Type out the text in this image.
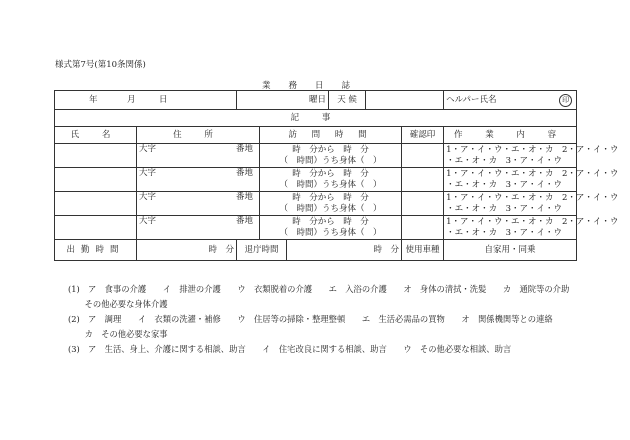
様式第7号(第10条関係)
業務日誌
年 月 日		曜日			天 候			ヘルパー氏名 印

記 事								
氏 名	住 所		訪 問 時 間				確認印	作 業 内 容

	大字 番地		時　分から　時　分
（　時間）うち身体（　）					1・ア・イ・ウ・エ・オ・カ　2・ア・イ・ウ
・エ・オ・カ　3・ア・イ・ウ

	大字 番地		時　分から　時　分
（　時間）うち身体（　）					1・ア・イ・ウ・エ・オ・カ　2・ア・イ・ウ
・エ・オ・カ　3・ア・イ・ウ

	大字 番地		時　分から　時　分
（　時間）うち身体（　）					1・ア・イ・ウ・エ・オ・カ　2・ア・イ・ウ
・エ・オ・カ　3・ア・イ・ウ

	大字 番地		時　分から　時　分
（　時間）うち身体（　）					1・ア・イ・ウ・エ・オ・カ　2・ア・イ・ウ
・エ・オ・カ　3・ア・イ・ウ

出勤時間	時　分	退庁時間		時　分			使用車種	自家用・同乗
(1)　ア　食事の介護　　イ　排泄の介護　　ウ　衣類脱着の介護　　エ　入浴の介護　　オ　身体の清拭・洗髪　　カ　通院等の介助
　　その他必要な身体介護
(2)　ア　調理　　イ　衣類の洗濯・補修　　ウ　住居等の掃除・整理整頓　　エ　生活必需品の買物　　オ　関係機関等との連絡
　　カ　その他必要な家事
(3)　ア　生活、身上、介護に関する相談、助言　　イ　住宅改良に関する相談、助言　　ウ　その他必要な相談、助言
